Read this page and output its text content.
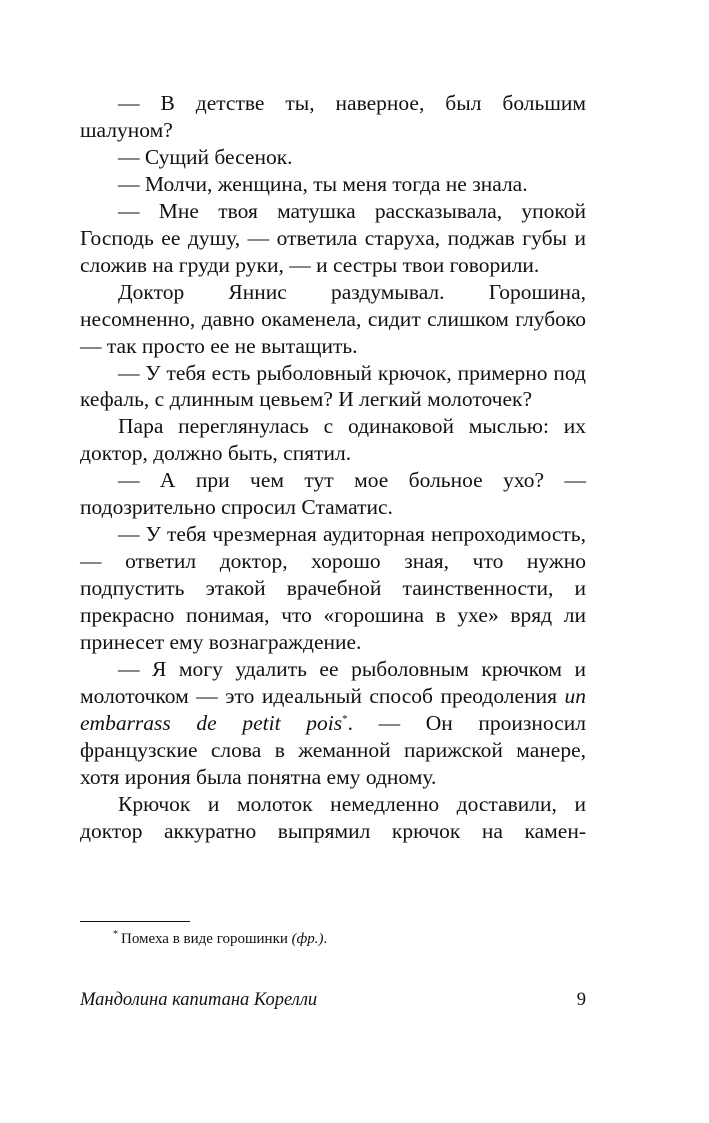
— В детстве ты, наверное, был большим шалуном?

— Сущий бесенок.

— Молчи, женщина, ты меня тогда не знала.

— Мне твоя матушка рассказывала, упокой Господь ее душу, — ответила старуха, поджав губы и сложив на груди руки, — и сестры твои говорили.

Доктор Яннис раздумывал. Горошина, несомненно, давно окаменела, сидит слишком глубоко — так просто ее не вытащить.

— У тебя есть рыболовный крючок, примерно под кефаль, с длинным цевьем? И легкий молоточек?

Пара переглянулась с одинаковой мыслью: их доктор, должно быть, спятил.

— А при чем тут мое больное ухо? — подозрительно спросил Стаматис.

— У тебя чрезмерная аудиторная непроходимость, — ответил доктор, хорошо зная, что нужно подпустить этакой врачебной таинственности, и прекрасно понимая, что «горошина в ухе» вряд ли принесет ему вознаграждение.

— Я могу удалить ее рыболовным крючком и молоточком — это идеальный способ преодоления un embarrass de petit pois*. — Он произносил французские слова в жеманной парижской манере, хотя ирония была понятна ему одному.

Крючок и молоток немедленно доставили, и доктор аккуратно выпрямил крючок на камен-

* Помеха в виде горошинки (фр.).
Мандолина капитана Корелли	9
